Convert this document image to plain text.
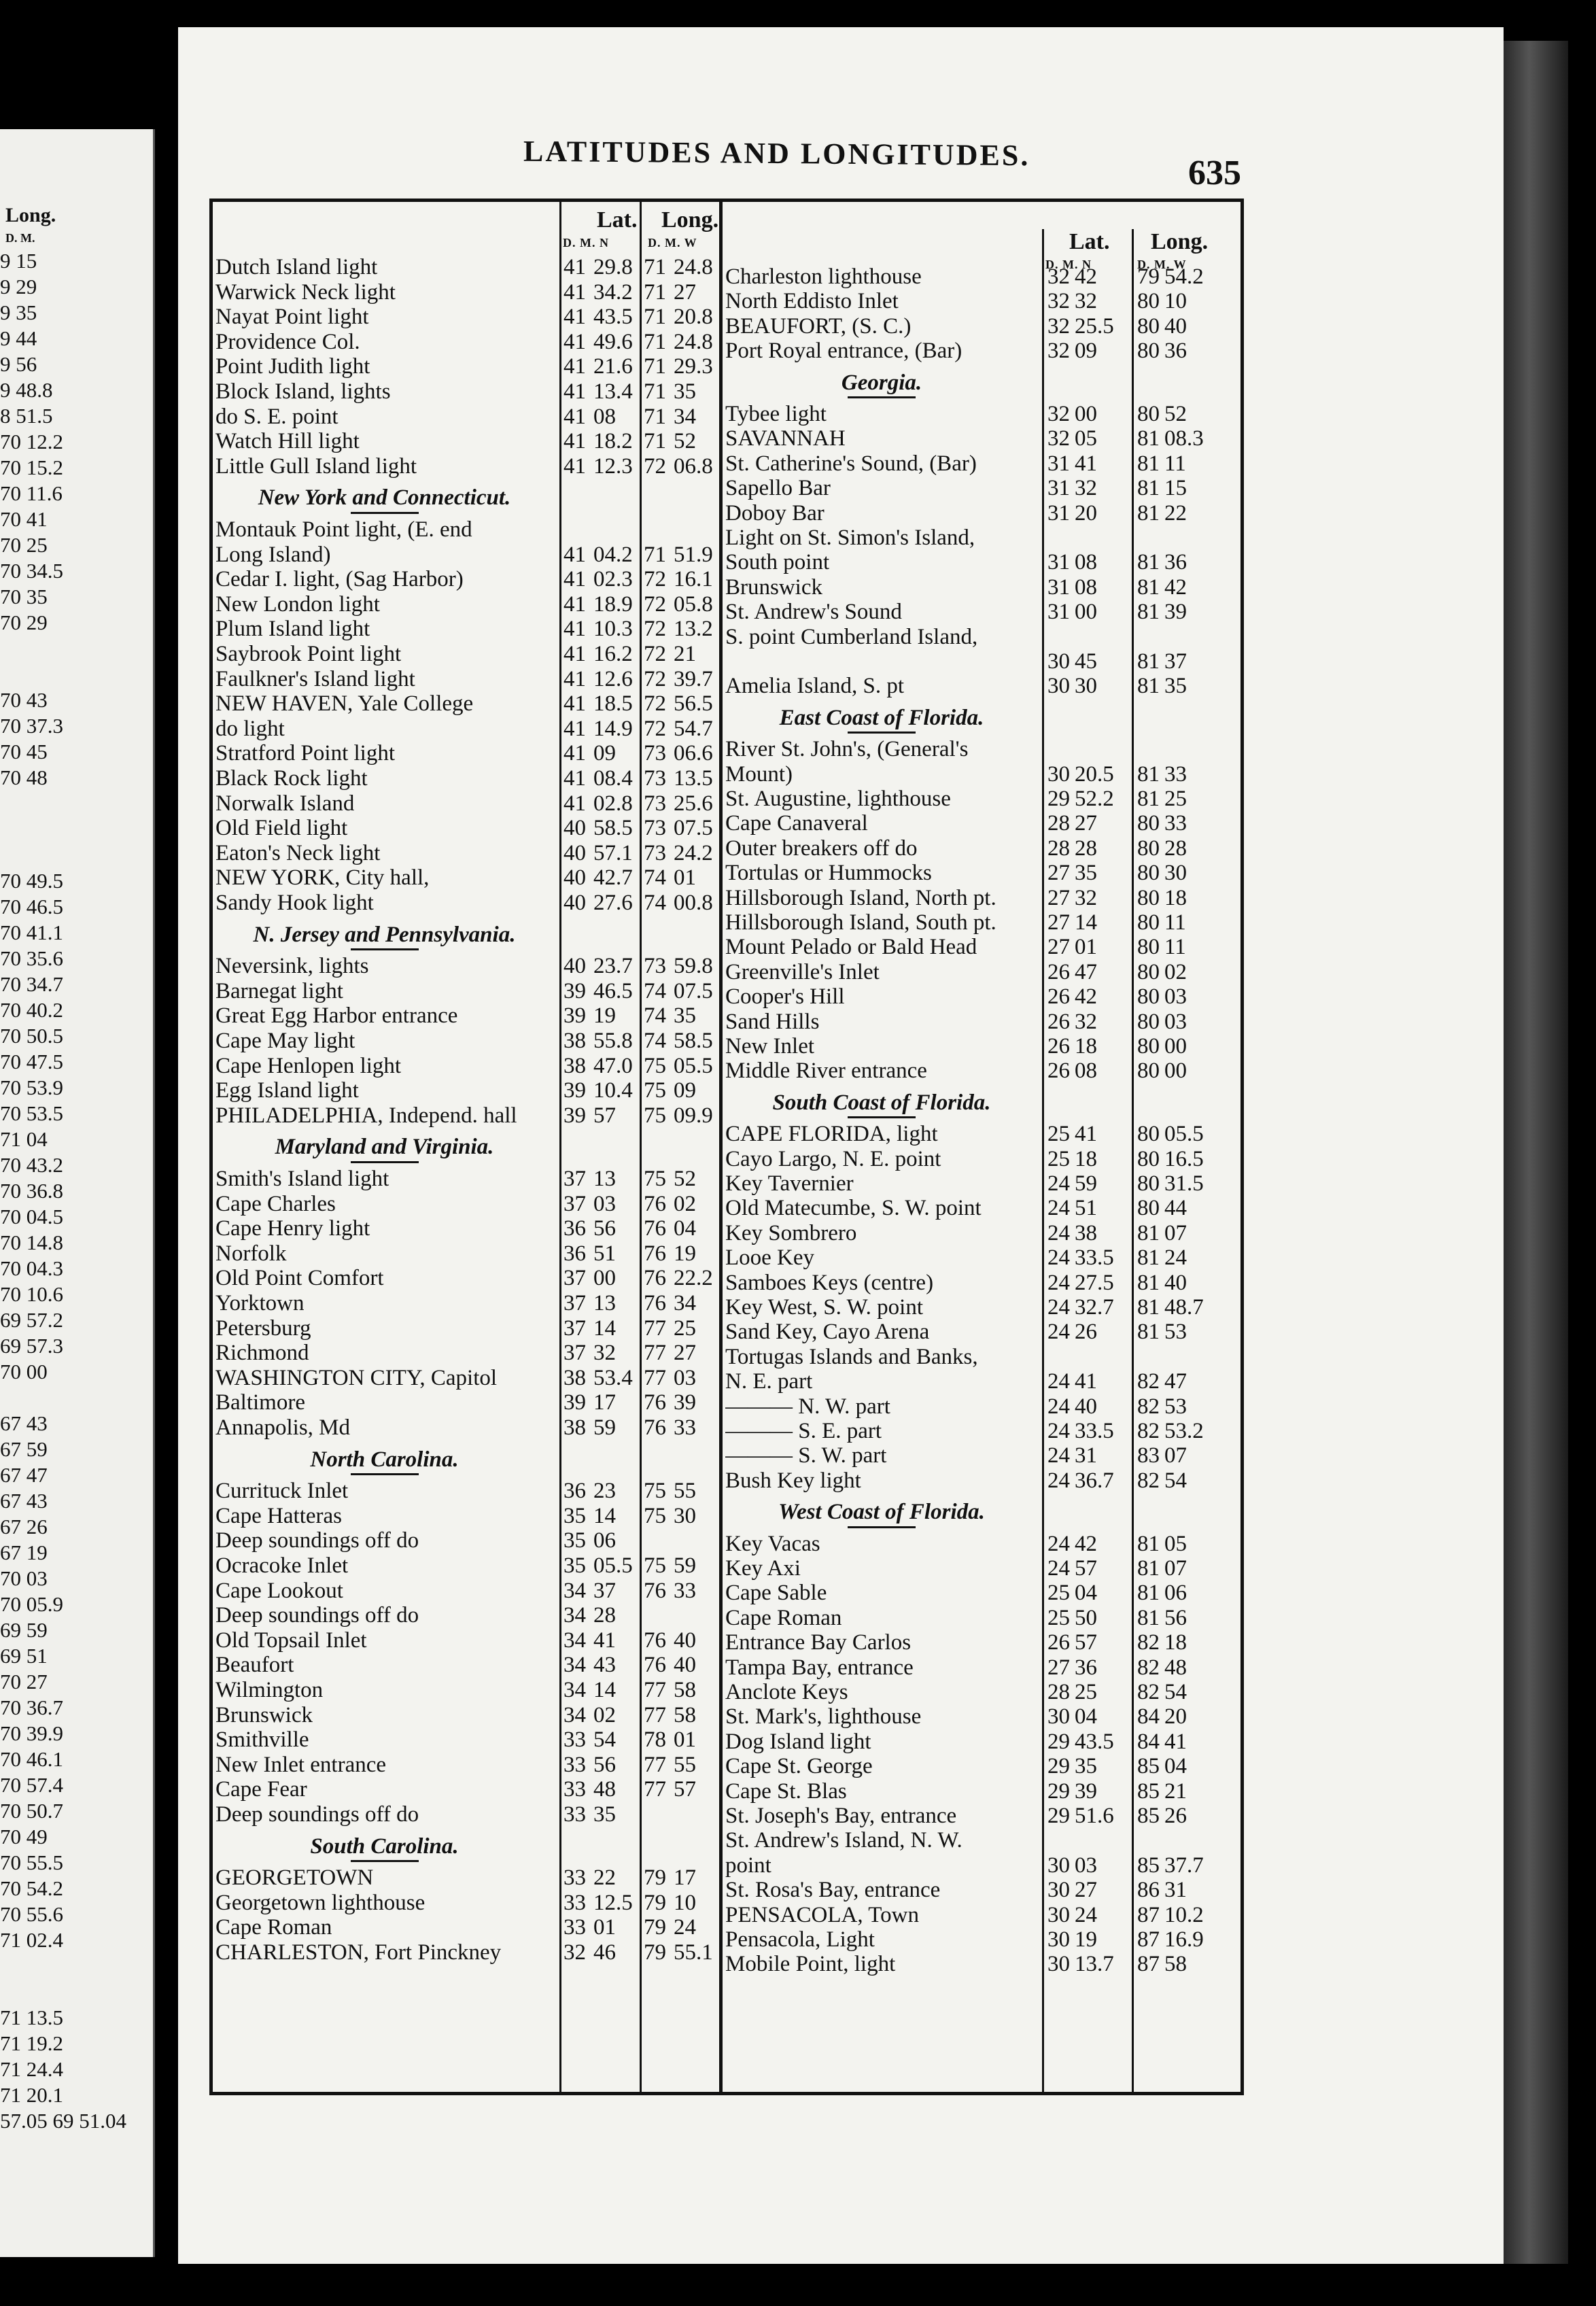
Long.
D. M.
9 15
9 29
9 35
9 44
9 56
9 48.8
8 51.5
70 12.2
70 15.2
70 11.6
70 41
70 25
70 34.5
70 35
70 29
70 43
70 37.3
70 45
70 48
70 49.5
70 46.5
70 41.1
70 35.6
70 34.7
70 40.2
70 50.5
70 47.5
70 53.9
70 53.5
71 04
70 43.2
70 36.8
70 04.5
70 14.8
70 04.3
70 10.6
69 57.2
69 57.3
70 00
67 43
67 59
67 47
67 43
67 26
67 19
70 03
70 05.9
69 59
69 51
70 27
70 36.7
70 39.9
70 46.1
70 57.4
70 50.7
70 49
70 55.5
70 54.2
70 55.6
71 02.4
71 13.5
71 19.2
71 24.4
71 20.1
57.05 69 51.04
LATITUDES AND LONGITUDES.
635
Lat. Long.
D. M. N	D. M. W
Dutch Island light	41 29.8 71 24.8
Warwick Neck light	41 34.2 71 27
Nayat Point light	41 43.5 71 20.8
Providence Col.	41 49.6 71 24.8
Point Judith light	41 21.6 71 29.3
Block Island, lights	41 13.4 71 35
do S. E. point	41 08 71 34
Watch Hill light	41 18.2 71 52
Little Gull Island light	41 12.3 72 06.8
New York and Connecticut.
Montauk Point light, (E. end
Long Island)	41 04.2 71 51.9
Cedar I. light, (Sag Harbor)	41 02.3 72 16.1
New London light	41 18.9 72 05.8
Plum Island light	41 10.3 72 13.2
Saybrook Point light	41 16.2 72 21
Faulkner's Island light	41 12.6 72 39.7
NEW HAVEN, Yale College	41 18.5 72 56.5
do light	41 14.9 72 54.7
Stratford Point light	41 09 73 06.6
Black Rock light	41 08.4 73 13.5
Norwalk Island	41 02.8 73 25.6
Old Field light	40 58.5 73 07.5
Eaton's Neck light	40 57.1 73 24.2
NEW YORK, City hall,	40 42.7 74 01
Sandy Hook light	40 27.6 74 00.8
N. Jersey and Pennsylvania.
Neversink, lights	40 23.7 73 59.8
Barnegat light	39 46.5 74 07.5
Great Egg Harbor entrance	39 19 74 35
Cape May light	38 55.8 74 58.5
Cape Henlopen light	38 47.0 75 05.5
Egg Island light	39 10.4 75 09
PHILADELPHIA, Independ. hall	39 57 75 09.9
Maryland and Virginia.
Smith's Island light	37 13 75 52
Cape Charles	37 03 76 02
Cape Henry light	36 56 76 04
Norfolk	36 51 76 19
Old Point Comfort	37 00 76 22.2
Yorktown	37 13 76 34
Petersburg	37 14 77 25
Richmond	37 32 77 27
WASHINGTON CITY, Capitol	38 53.4 77 03
Baltimore	39 17 76 39
Annapolis, Md	38 59 76 33
North Carolina.
Currituck Inlet	36 23 75 55
Cape Hatteras	35 14 75 30
Deep soundings off do	35 06
Ocracoke Inlet	35 05.5 75 59
Cape Lookout	34 37 76 33
Deep soundings off do	34 28
Old Topsail Inlet	34 41 76 40
Beaufort	34 43 76 40
Wilmington	34 14 77 58
Brunswick	34 02 77 58
Smithville	33 54 78 01
New Inlet entrance	33 56 77 55
Cape Fear	33 48 77 57
Deep soundings off do	33 35
South Carolina.
GEORGETOWN	33 22 79 17
Georgetown lighthouse	33 12.5 79 10
Cape Roman	33 01 79 24
CHARLESTON, Fort Pinckney	32 46 79 55.1
Lat. Long.
D. M. N	D. M. W
Charleston lighthouse	32 42 79 54.2
North Eddisto Inlet	32 32 80 10
BEAUFORT, (S. C.)	32 25.5 80 40
Port Royal entrance, (Bar)	32 09 80 36
Georgia.
Tybee light	32 00 80 52
SAVANNAH	32 05 81 08.3
St. Catherine's Sound, (Bar)	31 41 81 11
Sapello Bar	31 32 81 15
Doboy Bar	31 20 81 22
Light on St. Simon's Island,
South point	31 08 81 36
Brunswick	31 08 81 42
St. Andrew's Sound	31 00 81 39
S. point Cumberland Island,
30 45 81 37
Amelia Island, S. pt	30 30 81 35
East Coast of Florida.
River St. John's, (General's
Mount)	30 20.5 81 33
St. Augustine, lighthouse	29 52.2 81 25
Cape Canaveral	28 27 80 33
Outer breakers off do	28 28 80 28
Tortulas or Hummocks	27 35 80 30
Hillsborough Island, North pt.	27 32 80 18
Hillsborough Island, South pt.	27 14 80 11
Mount Pelado or Bald Head	27 01 80 11
Greenville's Inlet	26 47 80 02
Cooper's Hill	26 42 80 03
Sand Hills	26 32 80 03
New Inlet	26 18 80 00
Middle River entrance	26 08 80 00
South Coast of Florida.
CAPE FLORIDA, light	25 41 80 05.5
Cayo Largo, N. E. point	25 18 80 16.5
Key Tavernier	24 59 80 31.5
Old Matecumbe, S. W. point	24 51 80 44
Key Sombrero	24 38 81 07
Looe Key	24 33.5 81 24
Samboes Keys (centre)	24 27.5 81 40
Key West, S. W. point	24 32.7 81 48.7
Sand Key, Cayo Arena	24 26 81 53
Tortugas Islands and Banks,
N. E. part	24 41 82 47
——— N. W. part	24 40 82 53
——— S. E. part	24 33.5 82 53.2
——— S. W. part	24 31 83 07
Bush Key light	24 36.7 82 54
West Coast of Florida.
Key Vacas	24 42 81 05
Key Axi	24 57 81 07
Cape Sable	25 04 81 06
Cape Roman	25 50 81 56
Entrance Bay Carlos	26 57 82 18
Tampa Bay, entrance	27 36 82 48
Anclote Keys	28 25 82 54
St. Mark's, lighthouse	30 04 84 20
Dog Island light	29 43.5 84 41
Cape St. George	29 35 85 04
Cape St. Blas	29 39 85 21
St. Joseph's Bay, entrance	29 51.6 85 26
St. Andrew's Island, N. W.
point	30 03 85 37.7
St. Rosa's Bay, entrance	30 27 86 31
PENSACOLA, Town	30 24 87 10.2
Pensacola, Light	30 19 87 16.9
Mobile Point, light	30 13.7 87 58
